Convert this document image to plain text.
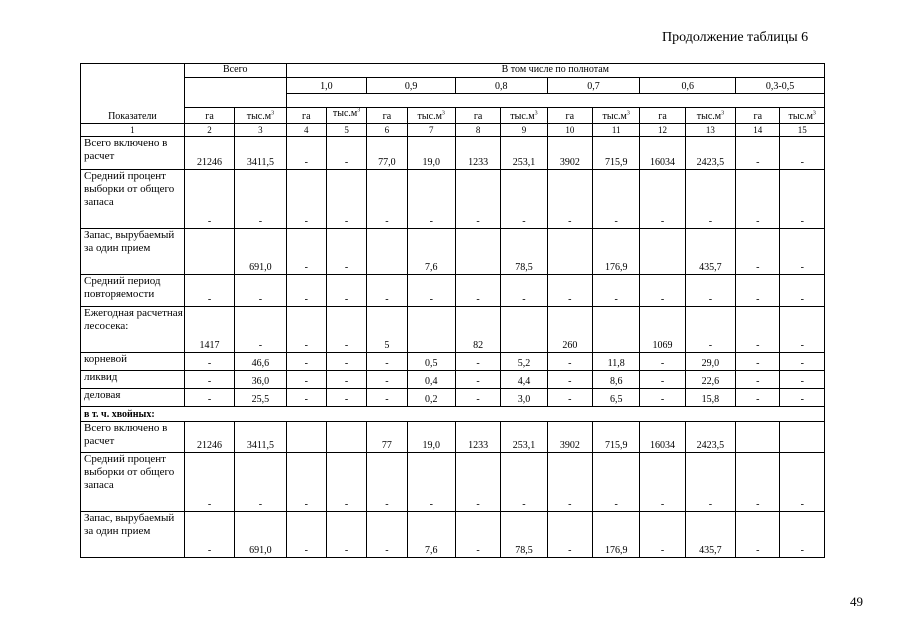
Продолжение таблицы 6
Показатели	Всего		В том числе по полнотам											
			1,0		0,9		0,8		0,7		0,6		0,3-0,5	

	га	$тыс.м^3$	га	$тыс.м^3$	га	$тыс.м^3$	га	$тыс.м^3$	га	$тыс.м^3$	га	$тыс.м^3$	га	$тыс.м^3$
1	2	3	4	5	6	7	8	9	10	11	12	13	14	15
Всего включено в расчет	21246	3411,5	-	-	77,0	19,0	1233	253,1	3902	715,9	16034	2423,5	-	-
Средний процент выборки от общего запаса	-	-	-	-	-	-	-	-	-	-	-	-	-	-
Запас, вырубаемый за один прием		691,0	-	-		7,6		78,5		176,9		435,7	-	-
Средний период повторяемости	-	-	-	-	-	-	-	-	-	-	-	-	-	-
Ежегодная расчетная лесосека:	1417	-	-	-	5		82		260		1069	-	-	-
корневой	-	46,6	-	-	-	0,5	-	5,2	-	11,8	-	29,0	-	-
ликвид	-	36,0	-	-	-	0,4	-	4,4	-	8,6	-	22,6	-	-
деловая	-	25,5	-	-	-	0,2	-	3,0	-	6,5	-	15,8	-	-
в т. ч. хвойных:														
Всего включено в расчет	21246	3411,5			77	19,0	1233	253,1	3902	715,9	16034	2423,5		
Средний процент выборки от общего запаса	-	-	-	-	-	-	-	-	-	-	-	-	-	-
Запас, вырубаемый за один прием	-	691,0	-	-	-	7,6	-	78,5	-	176,9	-	435,7	-	-
49
